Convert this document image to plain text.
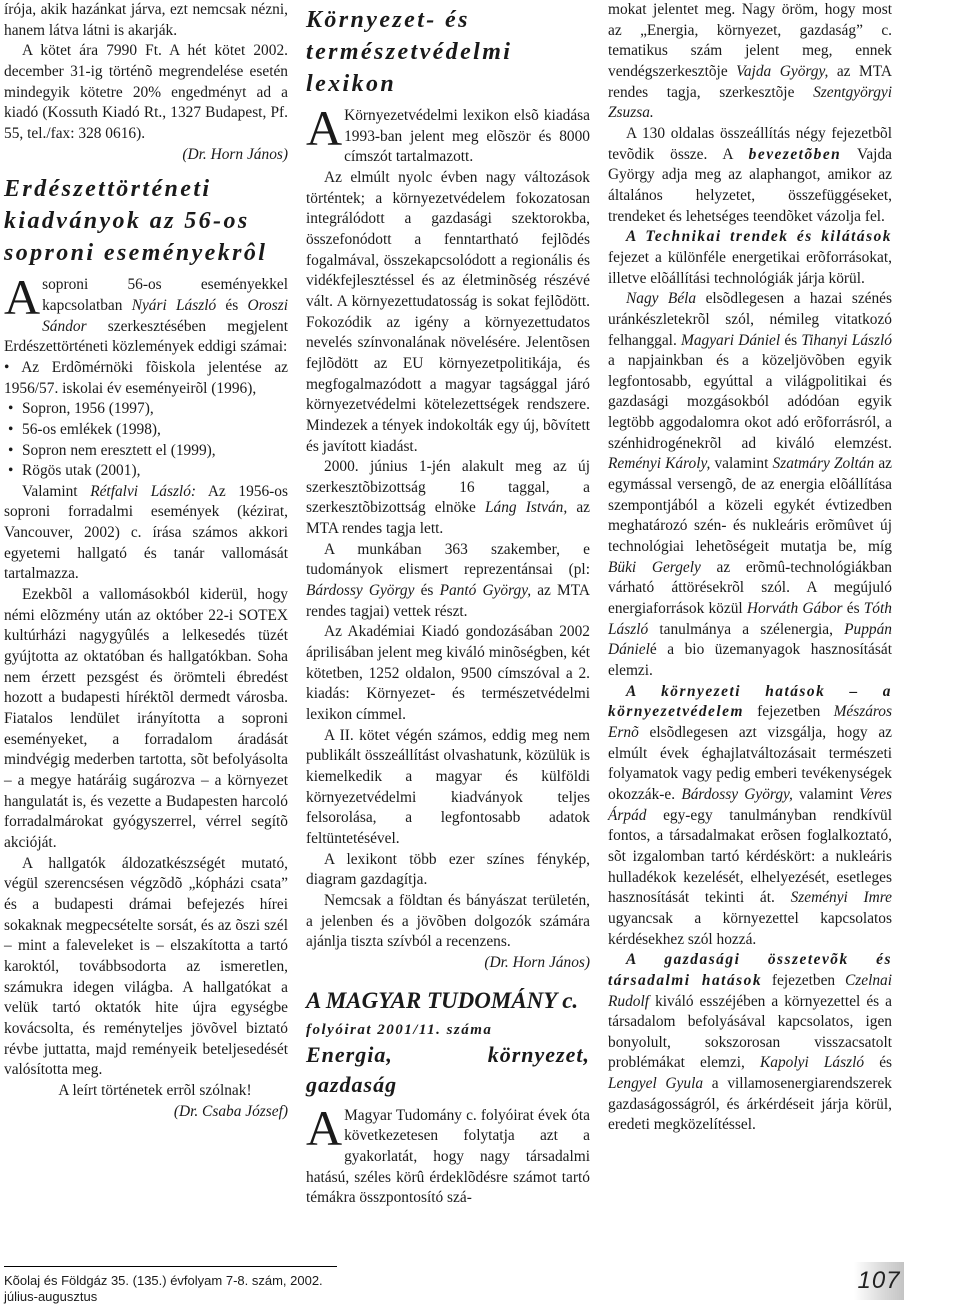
írója, akik hazánkat járva, ezt nemcsak nézni, hanem látva látni is akarják.

A kötet ára 7990 Ft. A hét kötet 2002. december 31-ig történõ megrendelése esetén mindegyik kötetre 20% engedményt ad a kiadó (Kossuth Kiadó Rt., 1327 Budapest, Pf. 55, tel./fax: 328 0616).

(Dr. Horn János)

Erdészettörténeti kiadványok az 56-os soproni eseményekrôl

Asoproni 56-os eseményekkel kapcsolatban Nyári László és Oroszi Sándor szerkesztésében megjelent Erdészettörténeti közlemények eddigi számai:

• Az Erdõmérnöki fõiskola jelentése az 1956/57. iskolai év eseményeirõl (1996),

• Sopron, 1956 (1997),
• 56-os emlékek (1998),
• Sopron nem eresztett el (1999),
• Rögös utak (2001),

Valamint Rétfalvi László: Az 1956-os soproni forradalmi események (kézirat, Vancouver, 2002) c. írása számos akkori egyetemi hallgató és tanár vallomását tartalmazza.

Ezekbõl a vallomásokból kiderül, hogy némi elõzmény után az október 22-i SOTEX kultúrházi nagygyûlés a lelkesedés tüzét gyújtotta az oktatóban és hallgatókban. Soha nem érzett pezsgést és örömteli ébredést hozott a budapesti híréktõl dermedt városba. Fiatalos lendület irányította a soproni eseményeket, a forradalom áradását mindvégig mederben tartotta, sõt befolyásolta – a megye határáig sugározva – a környezet hangulatát is, és vezette a Budapesten harcoló forradalmárokat gyógyszerrel, vérrel segítõ akcióját.

A hallgatók áldozatkészségét mutató, végül szerencsésen végzõdõ „kópházi csata” és a budapesti drámai befejezés hírei sokaknak megpecsételte sorsát, és az õszi szél – mint a faleveleket is – elszakította a tartó karoktól, továbbsodorta az ismeretlen, számukra idegen világba. A hallgatókat a velük tartó oktatók hite újra egységbe kovácsolta, és reményteljes jövõvel biztató révbe juttatta, majd reményeik beteljesedését valósította meg.

A leírt történetek errõl szólnak!

(Dr. Csaba József)

Környezet- és természetvédelmi lexikon

A Környezetvédelmi lexikon elsõ kiadása 1993-ban jelent meg elõször és 8000 címszót tartalmazott.

Az elmúlt nyolc évben nagy változások történtek; a környezetvédelem fokozatosan integrálódott a gazdasági szektorokba, összefonódott a fenntartható fejlõdés fogalmával, összekapcsolódott a regionális és vidékfejlesztéssel és az életminõség részévé vált. A környezettudatosság is sokat fejlõdött. Fokozódik az igény a környezettudatos nevelés színvonalának növelésére. Jelentõsen fejlõdött az EU környezetpolitikája, és megfogalmazódott a magyar tagsággal járó környezetvédelmi kötelezettségek rendszere. Mindezek a tények indokolták egy új, bõvített és javított kiadást.

2000. június 1-jén alakult meg az új szerkesztõbizottság 16 taggal, a szerkesztõbizottság elnöke Láng István, az MTA rendes tagja lett.

A munkában 363 szakember, e tudományok elismert reprezentánsai (pl: Bárdossy György és Pantó György, az MTA rendes tagjai) vettek részt.

Az Akadémiai Kiadó gondozásában 2002 áprilisában jelent meg kiváló minõségben, két kötetben, 1252 oldalon, 9500 címszóval a 2. kiadás: Környezet- és természetvédelmi lexikon címmel.

A II. kötet végén számos, eddig meg nem publikált összeállítást olvashatunk, közülük is kiemelkedik a magyar és külföldi környezetvédelmi kiadványok teljes felsorolása, a legfontosabb adatok feltüntetésével.

A lexikont több ezer színes fénykép, diagram gazdagítja.

Nemcsak a földtan és bányászat területén, a jelenben és a jövõben dolgozók számára ajánlja tiszta szívból a recenzens.

(Dr. Horn János)

A MAGYAR TUDOMÁNY c.

folyóirat 2001/11. száma

Energia, környezet, gazdaság

A Magyar Tudomány c. folyóirat évek óta következetesen folytatja azt a gyakorlatát, hogy nagy társadalmi hatású, széles körû érdeklõdésre számot tartó témákra összpontosító szá-

mokat jelentet meg. Nagy öröm, hogy most az „Energia, környezet, gazdaság” c. tematikus szám jelent meg, ennek vendégszerkesztõje Vajda György, az MTA rendes tagja, szerkesztõje Szentgyörgyi Zsuzsa.

A 130 oldalas összeállítás négy fejezetbõl tevõdik össze. A bevezetõben Vajda György adja meg az alaphangot, amikor az általános helyzetet, összefüggéseket, trendeket és lehetséges teendõket vázolja fel.

A Technikai trendek és kilátások fejezet a különféle energetikai erõforrásokat, illetve elõállítási technológiák járja körül.

Nagy Béla elsõdlegesen a hazai szénés uránkészletekrõl szól, némileg vitatkozó felhanggal. Magyari Dániel és Tihanyi László a napjainkban és a közeljövõben egyik legfontosabb, egyúttal a világpolitikai és gazdasági mozgásokból adódóan egyik legtöbb aggodalomra okot adó erõforrásról, a szénhidrogénekrõl ad kiváló elemzést. Reményi Károly, valamint Szatmáry Zoltán az egymással versengõ, de az energia elõállítása szempontjából a közeli egykét évtizedben meghatározó szén- és nukleáris erõmûvet új technológiai lehetõségeit mutatja be, míg Büki Gergely az erõmû-technológiákban várható áttörésekrõl szól. A megújuló energiaforrások közül Horváth Gábor és Tóth László tanulmánya a szélenergia, Puppán Dánielé a bio üzemanyagok hasznosítását elemzi.

A környezeti hatások – a környezetvédelem fejezetben Mészáros Ernõ elsõdlegesen azt vizsgálja, hogy az elmúlt évek éghajlatváltozásait természeti folyamatok vagy pedig emberi tevékenységek okozzák-e. Bárdossy György, valamint Veres Árpád egy-egy tanulmányban rendkívül fontos, a társadalmakat erõsen foglalkoztató, sõt izgalomban tartó kérdéskört: a nukleáris hulladékok kezelését, elhelyezését, esetleges hasznosítását tekinti át. Szeményi Imre ugyancsak a környezettel kapcsolatos kérdésekhez szól hozzá.

A gazdasági összetevõk és társadalmi hatások fejezetben Czelnai Rudolf kiváló esszéjében a környezettel és a társadalom befolyásával kapcsolatos, igen bonyolult, sokszorosan visszacsatolt problémákat elemzi, Kapolyi László és Lengyel Gyula a villamosenergiarendszerek gazdaságosságról, és árkérdéseit járja körül, eredeti megközelítéssel.

Kõolaj és Földgáz 35. (135.) évfolyam 7-8. szám, 2002. július-augusztus
107
